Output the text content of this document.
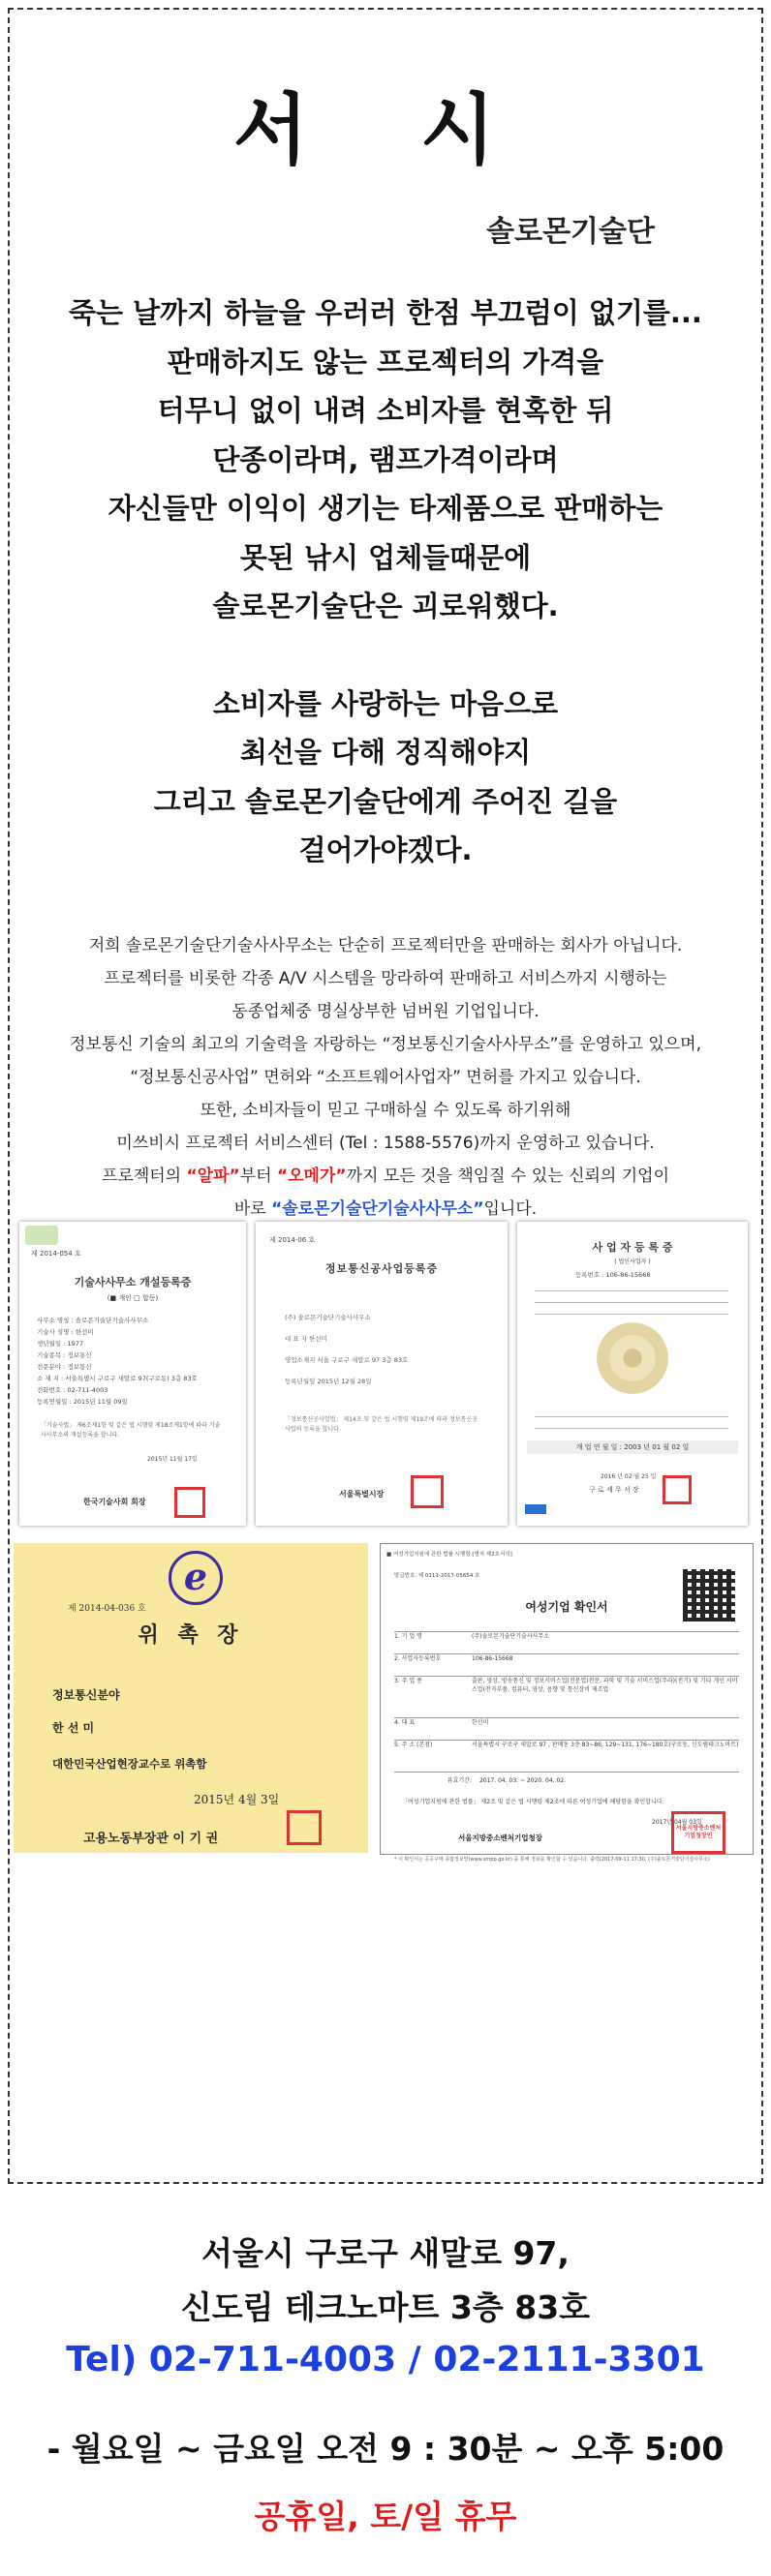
서 시
솔로몬기술단
죽는 날까지 하늘을 우러러 한점 부끄럼이 없기를...
판매하지도 않는 프로젝터의 가격을
터무니 없이 내려 소비자를 현혹한 뒤
단종이라며, 램프가격이라며
자신들만 이익이 생기는 타제품으로 판매하는
못된 낚시 업체들때문에
솔로몬기술단은 괴로워했다.
소비자를 사랑하는 마음으로
최선을 다해 정직해야지
그리고 솔로몬기술단에게 주어진 길을
걸어가야겠다.
저희 솔로몬기술단기술사사무소는 단순히 프로젝터만을 판매하는 회사가 아닙니다.
프로젝터를 비롯한 각종 A/V 시스템을 망라하여 판매하고 서비스까지 시행하는
동종업체중 명실상부한 넘버원 기업입니다.
정보통신 기술의 최고의 기술력을 자랑하는 “정보통신기술사사무소”를 운영하고 있으며,
“정보통신공사업” 면허와 “소프트웨어사업자” 면허를 가지고 있습니다.
또한, 소비자들이 믿고 구매하실 수 있도록 하기위해
미쓰비시 프로젝터 서비스센터 (Tel : 1588-5576)까지 운영하고 있습니다.
프로젝터의 “알파”부터 “오메가”까지 모든 것을 책임질 수 있는 신뢰의 기업이
바로 “솔로몬기술단기술사사무소”입니다.
제 2014-054 호
기술사사무소 개설등록증
(■ 개인 □ 합동)
사무소 명칭 : 솔로몬기술단기술사사무소
기술사 성명 : 한선미
생년월일 : 1977
기술종목 : 정보통신
전문분야 : 정보통신
소 재 지 : 서울특별시 구로구 새말로 97(구로동) 3층 83호
전화번호 : 02-711-4003
등록연월일 : 2015년 11월 09일
「기술사법」 제6조제1항 및 같은 법 시행령 제18조제1항에 따라 기술사사무소의 개설등록을 합니다.
2015년 11월 17일
한국기술사회 회장
제 2014-06 호
정보통신공사업등록증
(주) 솔로몬기술단기술사사무소
대 표 자 한선미
영업소재지 서울 구로구 새말로 97 3층 83호
등록년월일 2015년 12월 28일
「정보통신공사업법」 제14조 및 같은 법 시행령 제19조에 따라 정보통신공사업의 등록을 합니다.
서울특별시장
사 업 자 등 록 증
( 법인사업자 )
등록번호 : 106-86-15668
개 업 연 월 일 : 2003 년 01 월 02 일
2016 년 02 월 25 일
구 로 세 무 서 장
e
제 2014-04-036 호
위 촉 장
정보통신분야
한 선 미
대한민국산업현장교수로 위촉함
2015년 4월 3일
고용노동부장관 이 기 권
■ 여성기업지원에 관한 법률 시행령 [별지 제2호서식]
발급번호: 제 0111-2017-05654 호
여성기업 확인서
1. 기 업 명	(주)솔로몬기술단기술사사무소
2. 사업자등록번호	106-86-15668
3. 주 업 종	출판, 영상, 방송통신 및 정보서비스업(전문업)전문, 과학 및 기술 서비스업(주라)(전기) 및 기타 개인 서비스업(전자부품, 컴퓨터, 영상, 음향 및 통신장비 제조업
4. 대 표	한선미
5. 주 소 (본점)	서울특별시 구로구 새말로 97 , 판매동 3층 83~86, 129~131, 176~180호(구로동, 신도림테크노마트)
유효기간:	2017. 04. 03. ~ 2020. 04. 02.
「여성기업지원에 관한 법률」 제2조 및 같은 법 시행령 제2조에 따른 여성기업에 해당함을 확인합니다.
2017년 04월 03일
서울지방중소벤처기업청장
서울지방중소벤처기업청장인
* 이 확인서는 공공구매 종합정보망(www.smpp.go.kr) 을 통해 정보를 확인할 수 있습니다. 출력(2017-09-11 17:30, (주)솔로몬기술단기술사무소)
서울시 구로구 새말로 97,
신도림 테크노마트 3층 83호
Tel) 02-711-4003 / 02-2111-3301
- 월요일 ~ 금요일 오전 9 : 30분 ~ 오후 5:00
공휴일, 토/일 휴무
